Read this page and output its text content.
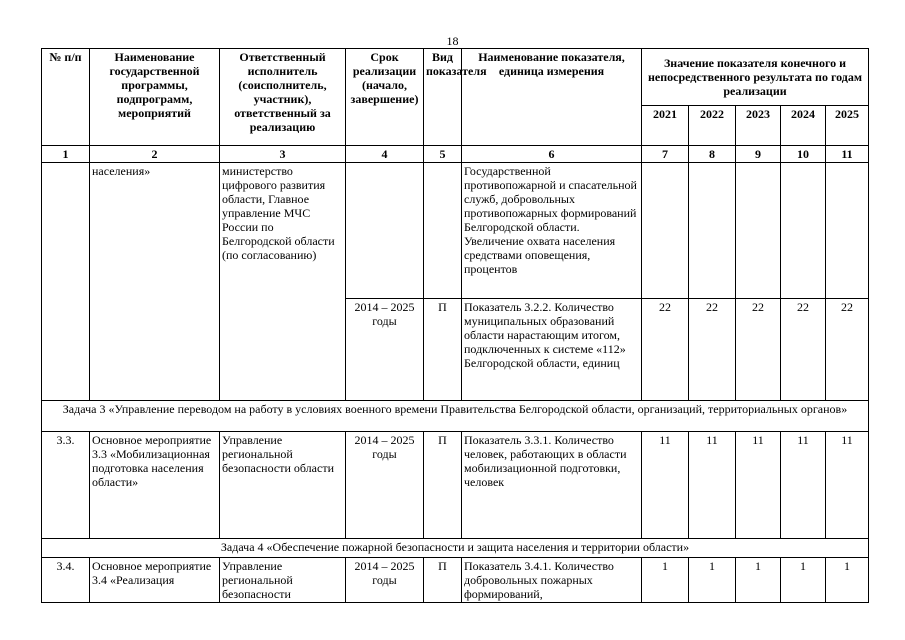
18
№ п/п	Наименование государственной программы, подпрограмм, мероприятий	Ответственный исполнитель (соисполнитель, участник), ответственный за реализацию	Срок реализации (начало, завершение)	Вид показателя	Наименование показателя, единица измерения	Значение показателя конечного и непосредственного результата по годам реализации				
						2021	2022	2023	2024	2025
1	2	3	4	5	6	7	8	9	10	11
	населения»	министерство цифрового развития области, Главное управление МЧС России по Белгородской области (по согласованию)			Государственной противопожарной и спасательной служб, добровольных противопожарных формирований Белгородской области. Увеличение охвата населения средствами оповещения, процентов					
			2014 – 2025 годы	П	Показатель 3.2.2. Количество муниципальных образований области нарастающим итогом, подключенных к системе «112» Белгородской области, единиц	22	22	22	22	22
Задача 3 «Управление переводом на работу в условиях военного времени Правительства Белгородской области, организаций, территориальных органов»										
3.3.	Основное мероприятие 3.3 «Мобилизационная подготовка населения области»	Управление региональной безопасности области	2014 – 2025 годы	П	Показатель 3.3.1. Количество человек, работающих в области мобилизационной подготовки, человек	11	11	11	11	11
Задача 4 «Обеспечение пожарной безопасности и защита населения и территории области»										
3.4.	Основное мероприятие 3.4 «Реализация	Управление региональной безопасности	2014 – 2025 годы	П	Показатель 3.4.1. Количество добровольных пожарных формирований,	1	1	1	1	1
